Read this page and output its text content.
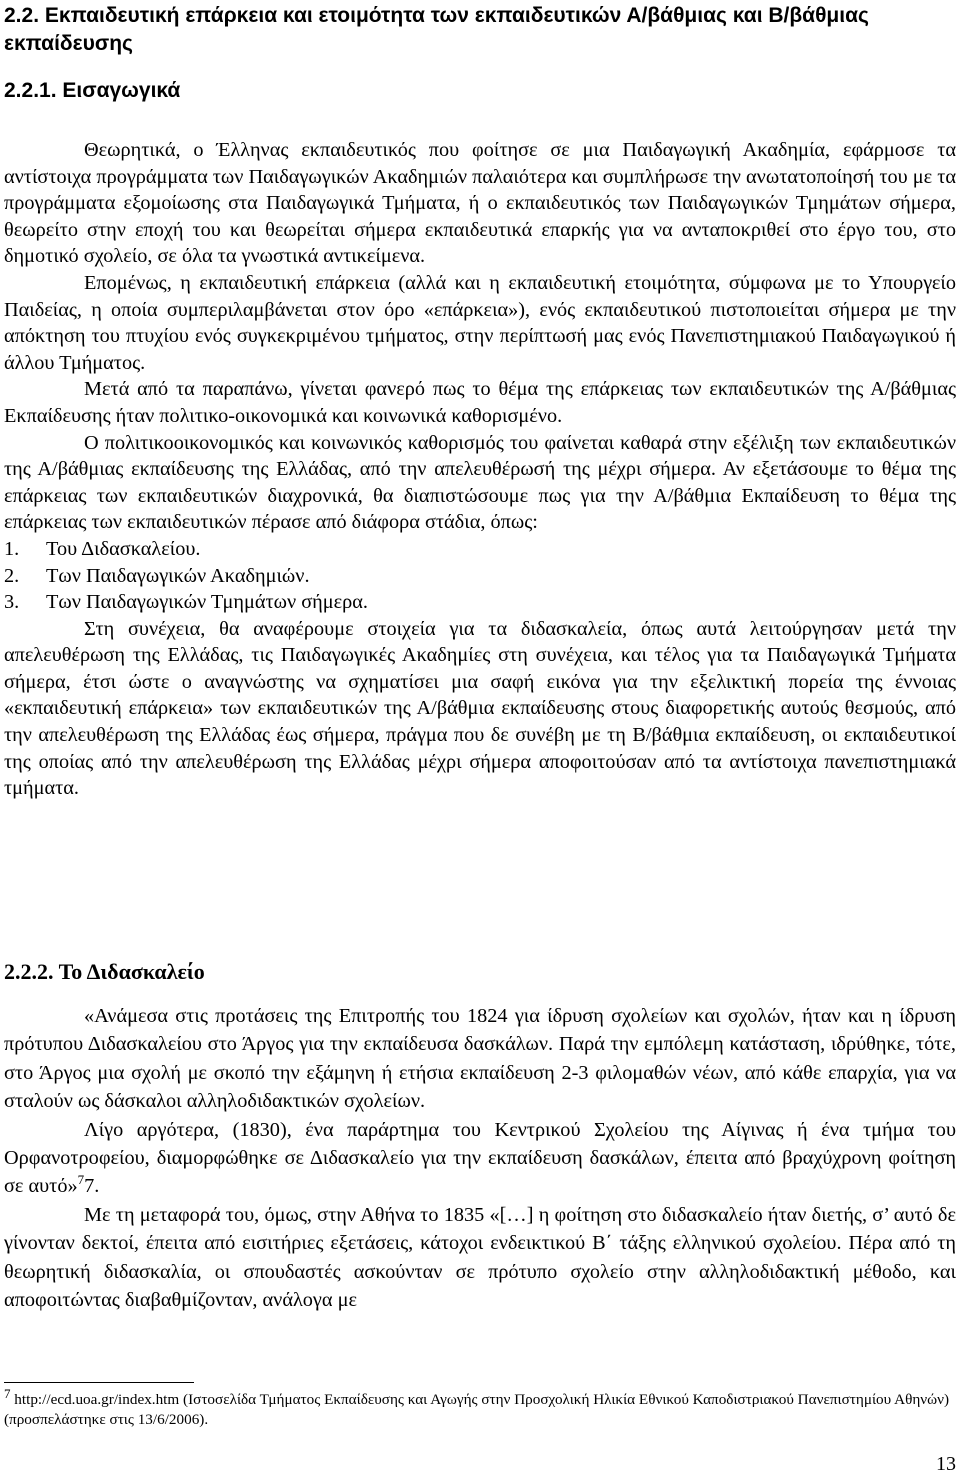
2.2. Εκπαιδευτική επάρκεια και ετοιμότητα των εκπαιδευτικών Α/βάθμιας και Β/βάθμιας εκπαίδευσης
2.2.1. Εισαγωγικά

Θεωρητικά, ο Έλληνας εκπαιδευτικός που φοίτησε σε μια Παιδαγωγική Ακαδημία, εφάρμοσε τα αντίστοιχα προγράμματα των Παιδαγωγικών Ακαδημιών παλαιότερα και συμπλήρωσε την ανωτατοποίησή του με τα προγράμματα εξομοίωσης στα Παιδαγωγικά Τμήματα, ή ο εκπαιδευτικός των Παιδαγωγικών Τμημάτων σήμερα, θεωρείτο στην εποχή του και θεωρείται σήμερα εκπαιδευτικά επαρκής για να ανταποκριθεί στο έργο του, στο δημοτικό σχολείο, σε όλα τα γνωστικά αντικείμενα.

Επομένως, η εκπαιδευτική επάρκεια (αλλά και η εκπαιδευτική ετοιμότητα, σύμφωνα με το Υπουργείο Παιδείας, η οποία συμπεριλαμβάνεται στον όρο «επάρκεια»), ενός εκπαιδευτικού πιστοποιείται σήμερα με την απόκτηση του πτυχίου ενός συγκεκριμένου τμήματος, στην περίπτωσή μας ενός Πανεπιστημιακού Παιδαγωγικού ή άλλου Τμήματος.

Μετά από τα παραπάνω, γίνεται φανερό πως το θέμα της επάρκειας των εκπαιδευτικών της Α/βάθμιας Εκπαίδευσης ήταν πολιτικο-οικονομικά και κοινωνικά καθορισμένο.

Ο πολιτικοοικονομικός και κοινωνικός καθορισμός του φαίνεται καθαρά στην εξέλιξη των εκπαιδευτικών της Α/βάθμιας εκπαίδευσης της Ελλάδας, από την απελευθέρωσή της μέχρι σήμερα. Αν εξετάσουμε το θέμα της επάρκειας των εκπαιδευτικών διαχρονικά, θα διαπιστώσουμε πως για την Α/βάθμια Εκπαίδευση το θέμα της επάρκειας των εκπαιδευτικών πέρασε από διάφορα στάδια, όπως:

1. Του Διδασκαλείου.
2. Των Παιδαγωγικών Ακαδημιών.
3. Των Παιδαγωγικών Τμημάτων σήμερα.

Στη συνέχεια, θα αναφέρουμε στοιχεία για τα διδασκαλεία, όπως αυτά λειτούργησαν μετά την απελευθέρωση της Ελλάδας, τις Παιδαγωγικές Ακαδημίες στη συνέχεια, και τέλος για τα Παιδαγωγικά Τμήματα σήμερα, έτσι ώστε ο αναγνώστης να σχηματίσει μια σαφή εικόνα για την εξελικτική πορεία της έννοιας «εκπαιδευτική επάρκεια» των εκπαιδευτικών της Α/βάθμια εκπαίδευσης στους διαφορετικής αυτούς θεσμούς, από την απελευθέρωση της Ελλάδας έως σήμερα, πράγμα που δε συνέβη με τη Β/βάθμια εκπαίδευση, οι εκπαιδευτικοί της οποίας από την απελευθέρωση της Ελλάδας μέχρι σήμερα αποφοιτούσαν από τα αντίστοιχα πανεπιστημιακά τμήματα.

2.2.2. Το Διδασκαλείο

«Ανάμεσα στις προτάσεις της Επιτροπής του 1824 για ίδρυση σχολείων και σχολών, ήταν και η ίδρυση πρότυπου Διδασκαλείου στο Άργος για την εκπαίδευσα δασκάλων. Παρά την εμπόλεμη κατάσταση, ιδρύθηκε, τότε, στο Άργος μια σχολή με σκοπό την εξάμηνη ή ετήσια εκπαίδευση 2-3 φιλομαθών νέων, από κάθε επαρχία, για να σταλούν ως δάσκαλοι αλληλοδιδακτικών σχολείων.

Λίγο αργότερα, (1830), ένα παράρτημα του Κεντρικού Σχολείου της Αίγινας ή ένα τμήμα του Ορφανοτροφείου, διαμορφώθηκε σε Διδασκαλείο για την εκπαίδευση δασκάλων, έπειτα από βραχύχρονη φοίτηση σε αυτό»$^7$7.

Με τη μεταφορά του, όμως, στην Αθήνα το 1835 «[…] η φοίτηση στο διδασκαλείο ήταν διετής, σ’ αυτό δε γίνονταν δεκτοί, έπειτα από εισιτήριες εξετάσεις, κάτοχοι ενδεικτικού Β΄ τάξης ελληνικού σχολείου. Πέρα από τη θεωρητική διδασκαλία, οι σπουδαστές ασκούνταν σε πρότυπο σχολείο στην αλληλοδιδακτική μέθοδο, και αποφοιτώντας διαβαθμίζονταν, ανάλογα με

7 http://ecd.uoa.gr/index.htm (Ιστοσελίδα Τμήματος Εκπαίδευσης και Αγωγής στην Προσχολική Ηλικία Εθνικού Καποδιστριακού Πανεπιστημίου Αθηνών) (προσπελάστηκε στις 13/6/2006).
13
